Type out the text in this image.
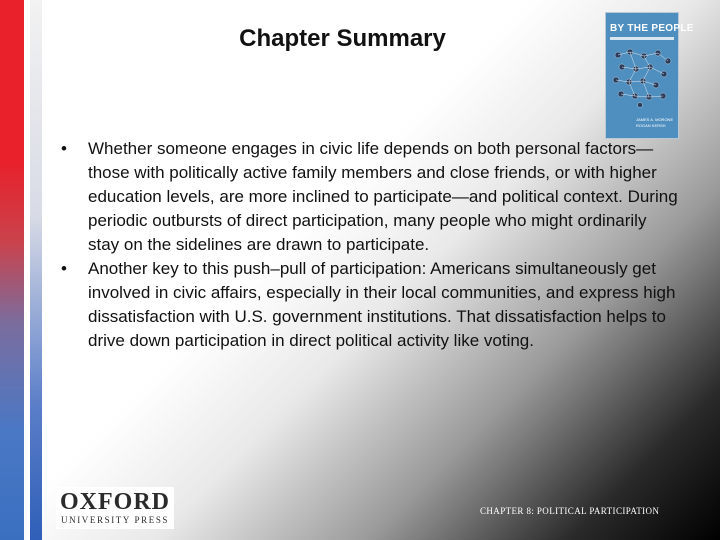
Chapter Summary	BY THE PEOPLE
JAMES A. MORONE ROGAN KERSH
• Whether someone engages in civic life depends on both personal factors—those with politically active family members and close friends, or with higher education levels, are more inclined to participate—and political context. During periodic outbursts of direct participation, many people who might ordinarily stay on the sidelines are drawn to participate.
• Another key to this push–pull of participation: Americans simultaneously get involved in civic affairs, especially in their local communities, and express high dissatisfaction with U.S. government institutions. That dissatisfaction helps to drive down participation in direct political activity like voting.
OXFORD
UNIVERSITY PRESS
CHAPTER 8: POLITICAL PARTICIPATION
